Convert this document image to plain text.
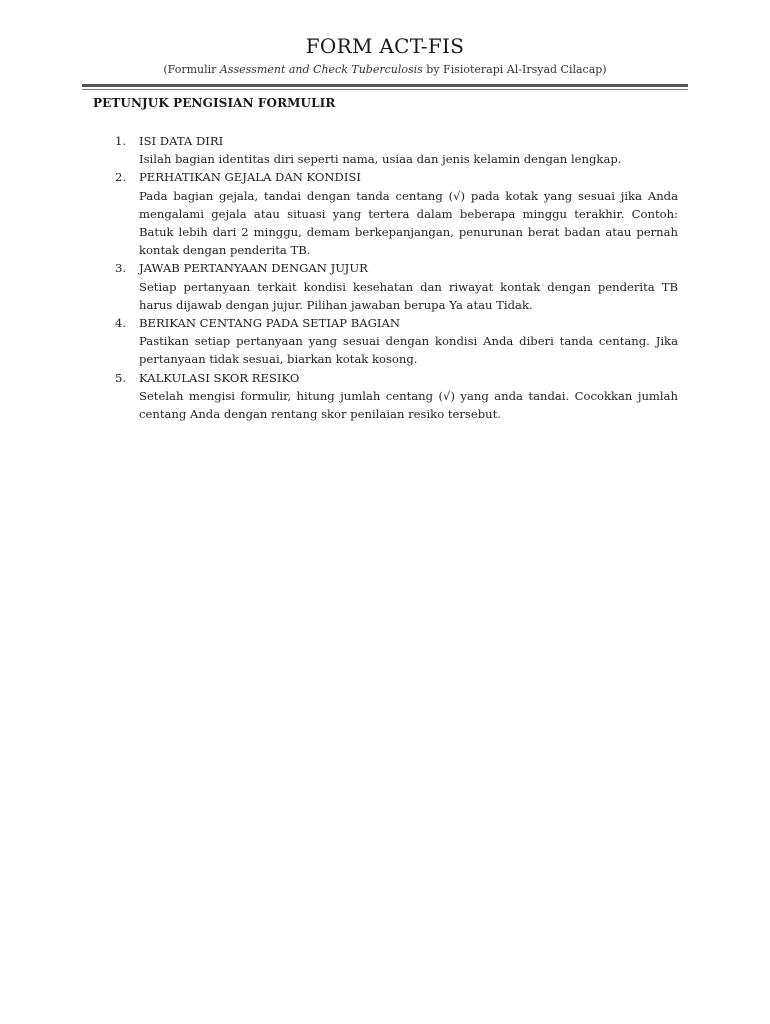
FORM ACT-FIS
(Formulir Assessment and Check Tuberculosis by Fisioterapi Al-Irsyad Cilacap)
PETUNJUK PENGISIAN FORMULIR
1. ISI DATA DIRI
Isilah bagian identitas diri seperti nama, usiaa dan jenis kelamin dengan lengkap.
2. PERHATIKAN GEJALA DAN KONDISI
Pada bagian gejala, tandai dengan tanda centang (√) pada kotak yang sesuai jika Anda mengalami gejala atau situasi yang tertera dalam beberapa minggu terakhir. Contoh: Batuk lebih dari 2 minggu, demam berkepanjangan, penurunan berat badan atau pernah kontak dengan penderita TB.
3. JAWAB PERTANYAAN DENGAN JUJUR
Setiap pertanyaan terkait kondisi kesehatan dan riwayat kontak dengan penderita TB harus dijawab dengan jujur. Pilihan jawaban berupa Ya atau Tidak.
4. BERIKAN CENTANG PADA SETIAP BAGIAN
Pastikan setiap pertanyaan yang sesuai dengan kondisi Anda diberi tanda centang. Jika pertanyaan tidak sesuai, biarkan kotak kosong.
5. KALKULASI SKOR RESIKO
Setelah mengisi formulir, hitung jumlah centang (√) yang anda tandai. Cocokkan jumlah centang Anda dengan rentang skor penilaian resiko tersebut.
